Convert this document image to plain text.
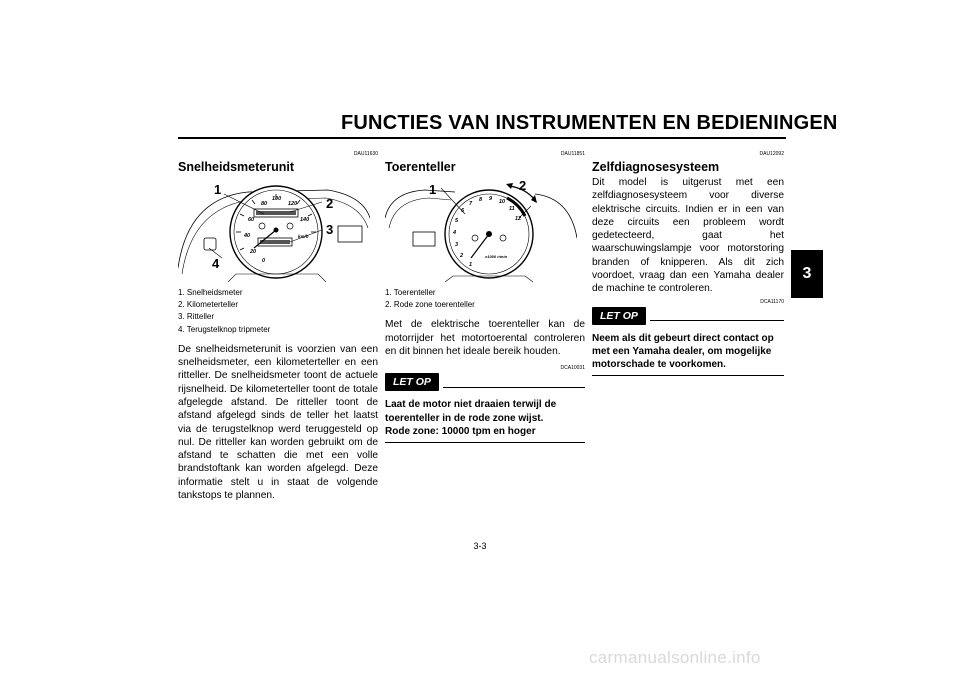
FUNCTIES VAN INSTRUMENTEN EN BEDIENINGEN
3
DAU11630
Snelheidsmeterunit
80
100
120
60	140
40
20
0
km/h
1
2
3
4
1. Snelheidsmeter
2. Kilometerteller
3. Ritteller
4. Terugstelknop tripmeter
De snelheidsmeterunit is voorzien van een snelheidsmeter, een kilometerteller en een ritteller. De snelheidsmeter toont de actuele rijsnelheid. De kilometerteller toont de totale afgelegde afstand. De ritteller toont de afstand afgelegd sinds de teller het laatst via de terugstelknop werd teruggesteld op nul. De ritteller kan worden gebruikt om de afstand te schatten die met een volle brandstoftank kan worden afgelegd. Deze informatie stelt u in staat de volgende tankstops te plannen.
DAU11851
Toerenteller
1
2
3
4
5
6
7
8 9 10
11
12
x1000 r/min
1	2
1. Toerenteller
2. Rode zone toerenteller
Met de elektrische toerenteller kan de motorrijder het motortoerental controleren en dit binnen het ideale bereik houden.
DCA10031
LET OP
Laat de motor niet draaien terwijl de toerenteller in de rode zone wijst.
Rode zone: 10000 tpm en hoger
DAU12092
Zelfdiagnosesysteem
Dit model is uitgerust met een zelfdiagnosesysteem voor diverse elektrische circuits. Indien er in een van deze circuits een probleem wordt gedetecteerd, gaat het waarschuwingslampje voor motorstoring branden of knipperen. Als dit zich voordoet, vraag dan een Yamaha dealer de machine te controleren.
DCA11170
LET OP
Neem als dit gebeurt direct contact op met een Yamaha dealer, om mogelijke motorschade te voorkomen.
3-3
carmanualsonline.info
